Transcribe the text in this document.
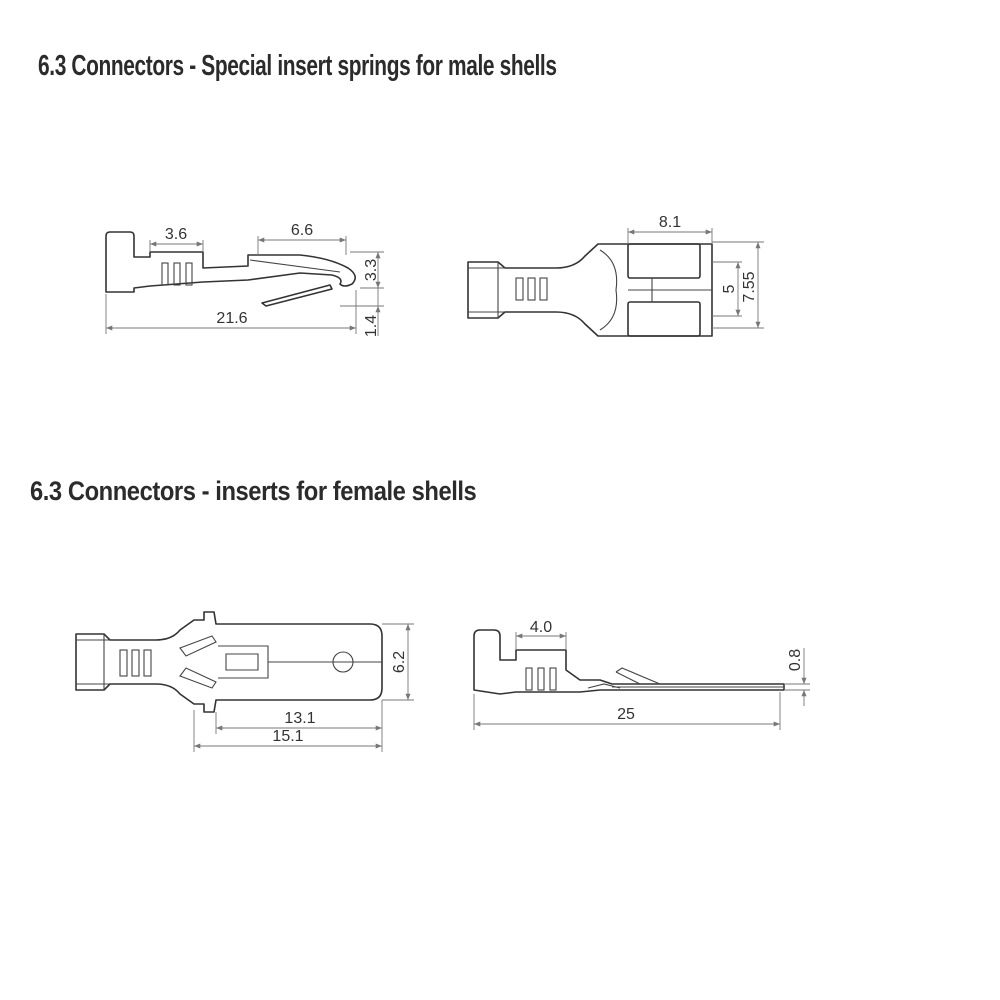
6.3 Connectors - Special insert springs for male shells
6.3 Connectors - inserts for female shells
3.6	6.6
21.6
3.3
1.4
8.1
5 7.55
6.2
13.1
15.1
4.0
0.8
25
